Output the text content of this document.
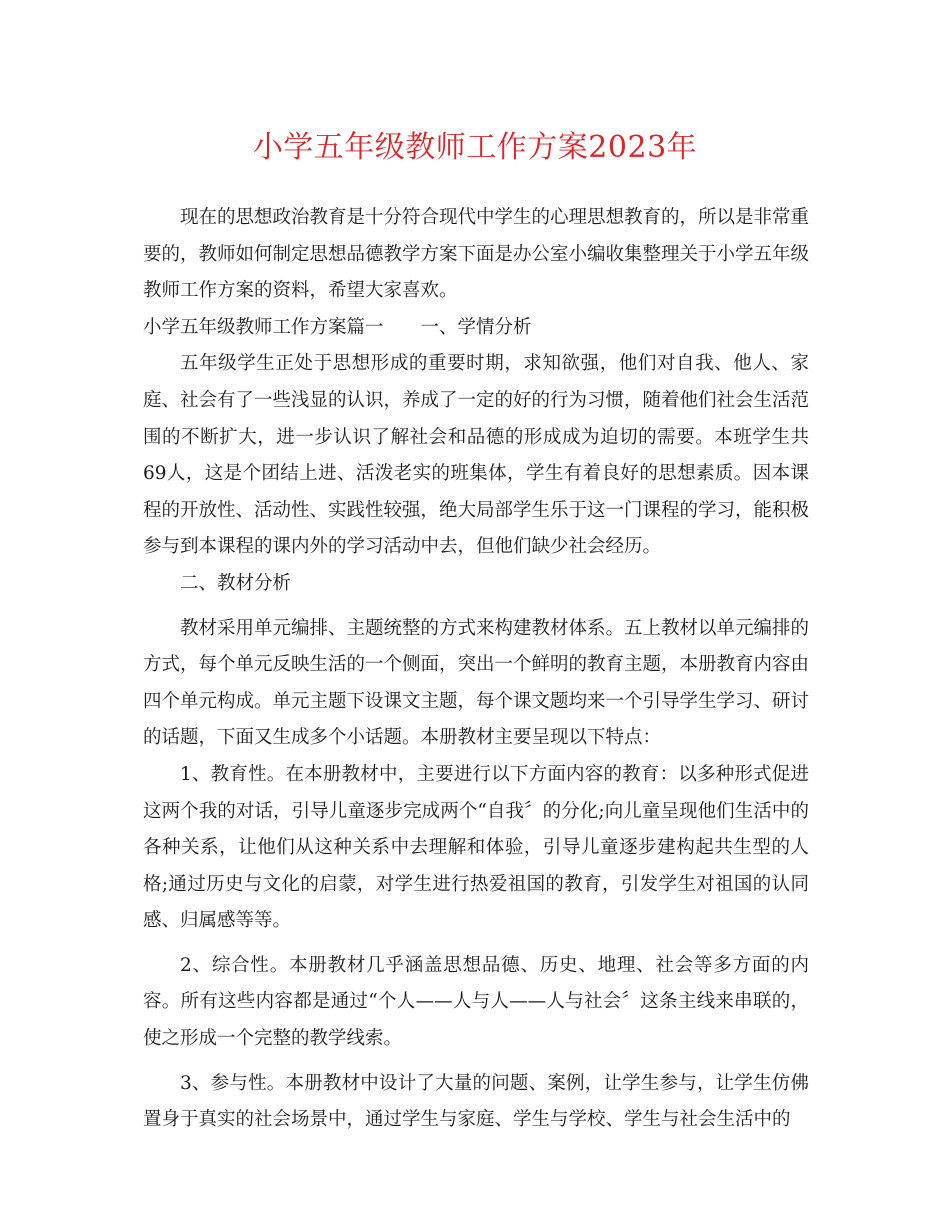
小学五年级教师工作方案2023年

现在的思想政治教育是十分符合现代中学生的心理思想教育的，所以是非常重要的，教师如何制定思想品德教学方案下面是办公室小编收集整理关于小学五年级教师工作方案的资料，希望大家喜欢。

小学五年级教师工作方案篇一　　一、学情分析

五年级学生正处于思想形成的重要时期，求知欲强，他们对自我、他人、家庭、社会有了一些浅显的认识，养成了一定的好的行为习惯，随着他们社会生活范围的不断扩大，进一步认识了解社会和品德的形成成为迫切的需要。本班学生共69人，这是个团结上进、活泼老实的班集体，学生有着良好的思想素质。因本课程的开放性、活动性、实践性较强，绝大局部学生乐于这一门课程的学习，能积极参与到本课程的课内外的学习活动中去，但他们缺少社会经历。

二、教材分析

教材采用单元编排、主题统整的方式来构建教材体系。五上教材以单元编排的方式，每个单元反映生活的一个侧面，突出一个鲜明的教育主题，本册教育内容由四个单元构成。单元主题下设课文主题，每个课文题均来一个引导学生学习、研讨的话题，下面又生成多个小话题。本册教材主要呈现以下特点：

1、教育性。在本册教材中，主要进行以下方面内容的教育：以多种形式促进这两个我的对话，引导儿童逐步完成两个“自我〞的分化;向儿童呈现他们生活中的各种关系，让他们从这种关系中去理解和体验，引导儿童逐步建构起共生型的人格;通过历史与文化的启蒙，对学生进行热爱祖国的教育，引发学生对祖国的认同感、归属感等等。

2、综合性。本册教材几乎涵盖思想品德、历史、地理、社会等多方面的内容。所有这些内容都是通过“个人——人与人——人与社会〞这条主线来串联的，使之形成一个完整的教学线索。

3、参与性。本册教材中设计了大量的问题、案例，让学生参与，让学生仿佛置身于真实的社会场景中，通过学生与家庭、学生与学校、学生与社会生活中的
